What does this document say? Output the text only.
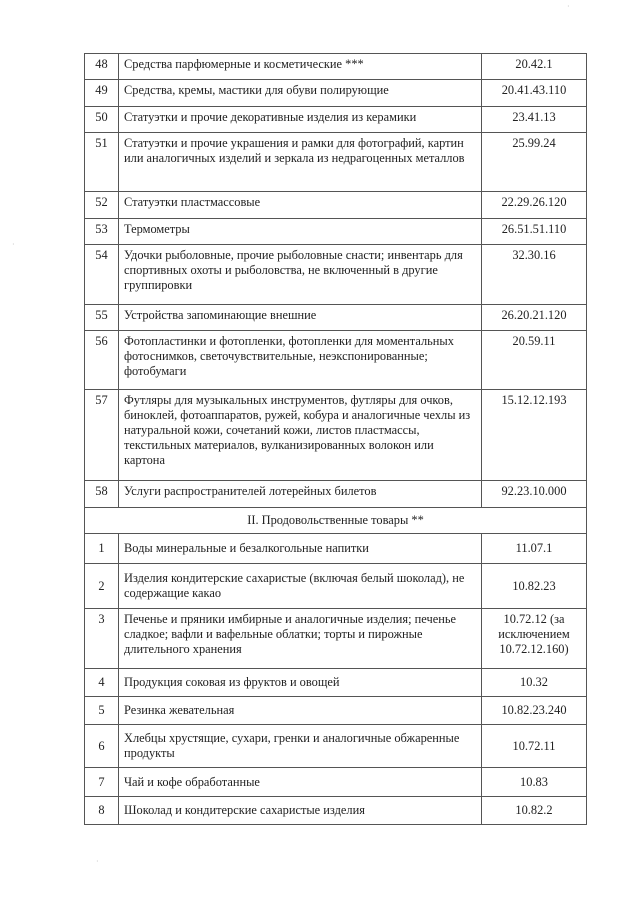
48	Средства парфюмерные и косметические ***	20.42.1
49	Средства, кремы, мастики для обуви полирующие	20.41.43.110
50	Статуэтки и прочие декоративные изделия из керамики	23.41.13
51	Статуэтки и прочие украшения и рамки для фотографий, картин или аналогичных изделий и зеркала из недрагоценных металлов	25.99.24
52	Статуэтки пластмассовые	22.29.26.120
53	Термометры	26.51.51.110
54	Удочки рыболовные, прочие рыболовные снасти; инвентарь для спортивных охоты и рыболовства, не включенный в другие группировки	32.30.16
55	Устройства запоминающие внешние	26.20.21.120
56	Фотопластинки и фотопленки, фотопленки для моментальных фотоснимков, светочувствительные, неэкспонированные; фотобумаги	20.59.11
57	Футляры для музыкальных инструментов, футляры для очков, биноклей, фотоаппаратов, ружей, кобура и аналогичные чехлы из натуральной кожи, сочетаний кожи, листов пластмассы, текстильных материалов, вулканизированных волокон или картона	15.12.12.193
58	Услуги распространителей лотерейных билетов	92.23.10.000
II. Продовольственные товары **		
1	Воды минеральные и безалкогольные напитки	11.07.1
2	Изделия кондитерские сахаристые (включая белый шоколад), не содержащие какао	10.82.23
3	Печенье и пряники имбирные и аналогичные изделия; печенье сладкое; вафли и вафельные облатки; торты и пирожные длительного хранения	10.72.12 (за исключением 10.72.12.160)
4	Продукция соковая из фруктов и овощей	10.32
5	Резинка жевательная	10.82.23.240
6	Хлебцы хрустящие, сухари, гренки и аналогичные обжаренные продукты	10.72.11
7	Чай и кофе обработанные	10.83
8	Шоколад и кондитерские сахаристые изделия	10.82.2
·
·
·
